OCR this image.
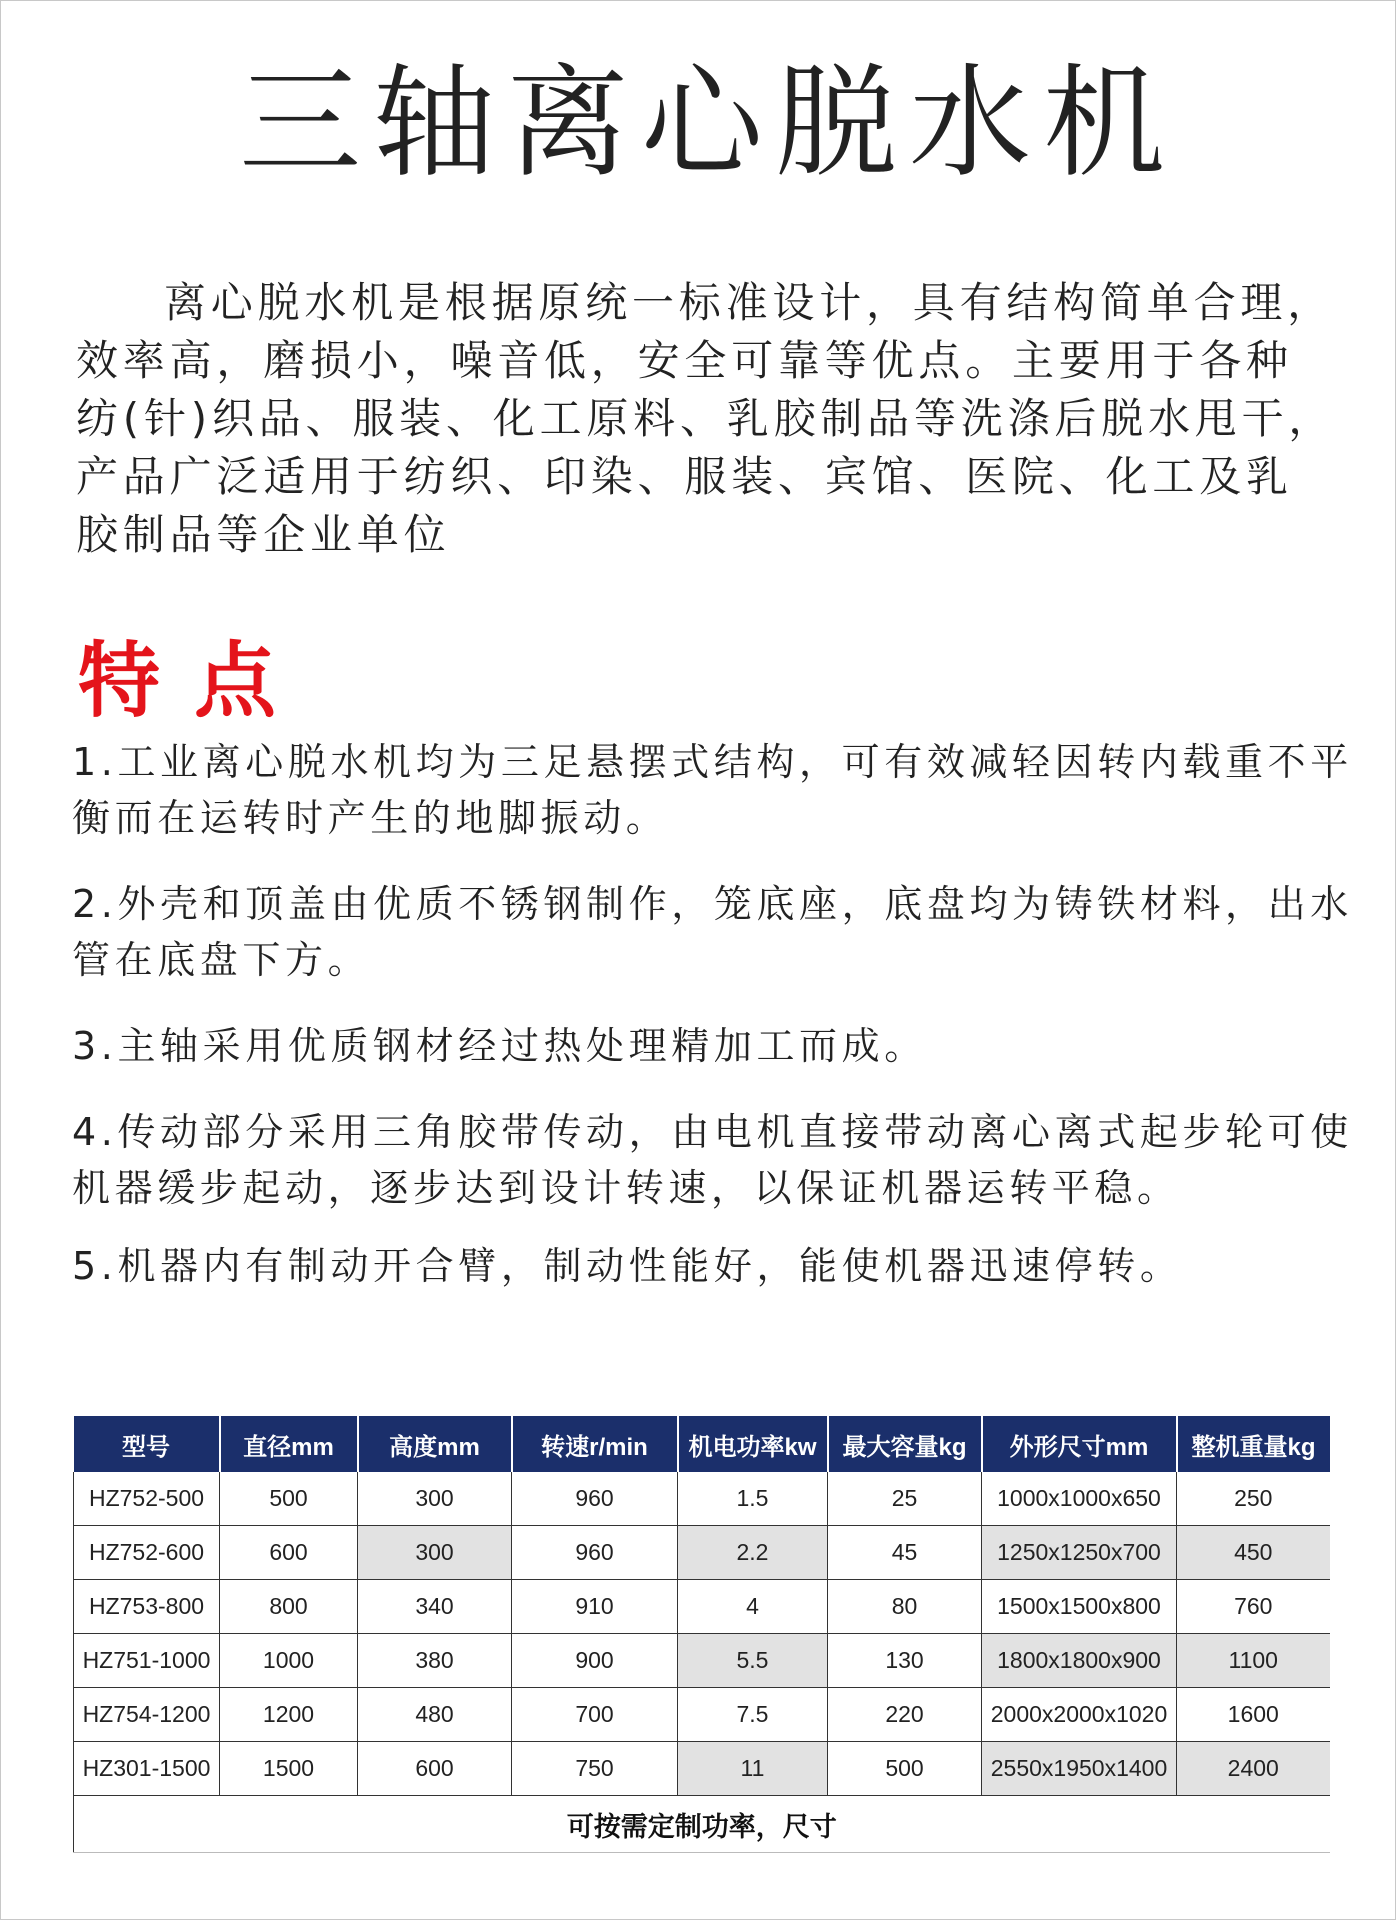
三轴离心脱水机

离心脱水机是根据原统一标准设计，具有结构简单合理，效率高，磨损小，噪音低，安全可靠等优点。主要用于各种纺(针)织品、服装、化工原料、乳胶制品等洗涤后脱水甩干，产品广泛适用于纺织、印染、服装、宾馆、医院、化工及乳胶制品等企业单位

特点

1.工业离心脱水机均为三足悬摆式结构，可有效减轻因转内载重不平衡而在运转时产生的地脚振动。

2.外壳和顶盖由优质不锈钢制作，笼底座，底盘均为铸铁材料，出水管在底盘下方。

3.主轴采用优质钢材经过热处理精加工而成。

4.传动部分采用三角胶带传动，由电机直接带动离心离式起步轮可使机器缓步起动，逐步达到设计转速，以保证机器运转平稳。

5.机器内有制动开合臂，制动性能好，能使机器迅速停转。

型号	直径mm	高度mm	转速r/min	机电功率kw	最大容量kg	外形尺寸mm	整机重量kg
HZ752-500	500	300	960	1.5	25	1000x1000x650	250
HZ752-600	600	300	960	2.2	45	1250x1250x700	450
HZ753-800	800	340	910	4	80	1500x1500x800	760
HZ751-1000	1000	380	900	5.5	130	1800x1800x900	1100
HZ754-1200	1200	480	700	7.5	220	2000x2000x1020	1600
HZ301-1500	1500	600	750	11	500	2550x1950x1400	2400
可按需定制功率，尺寸							
